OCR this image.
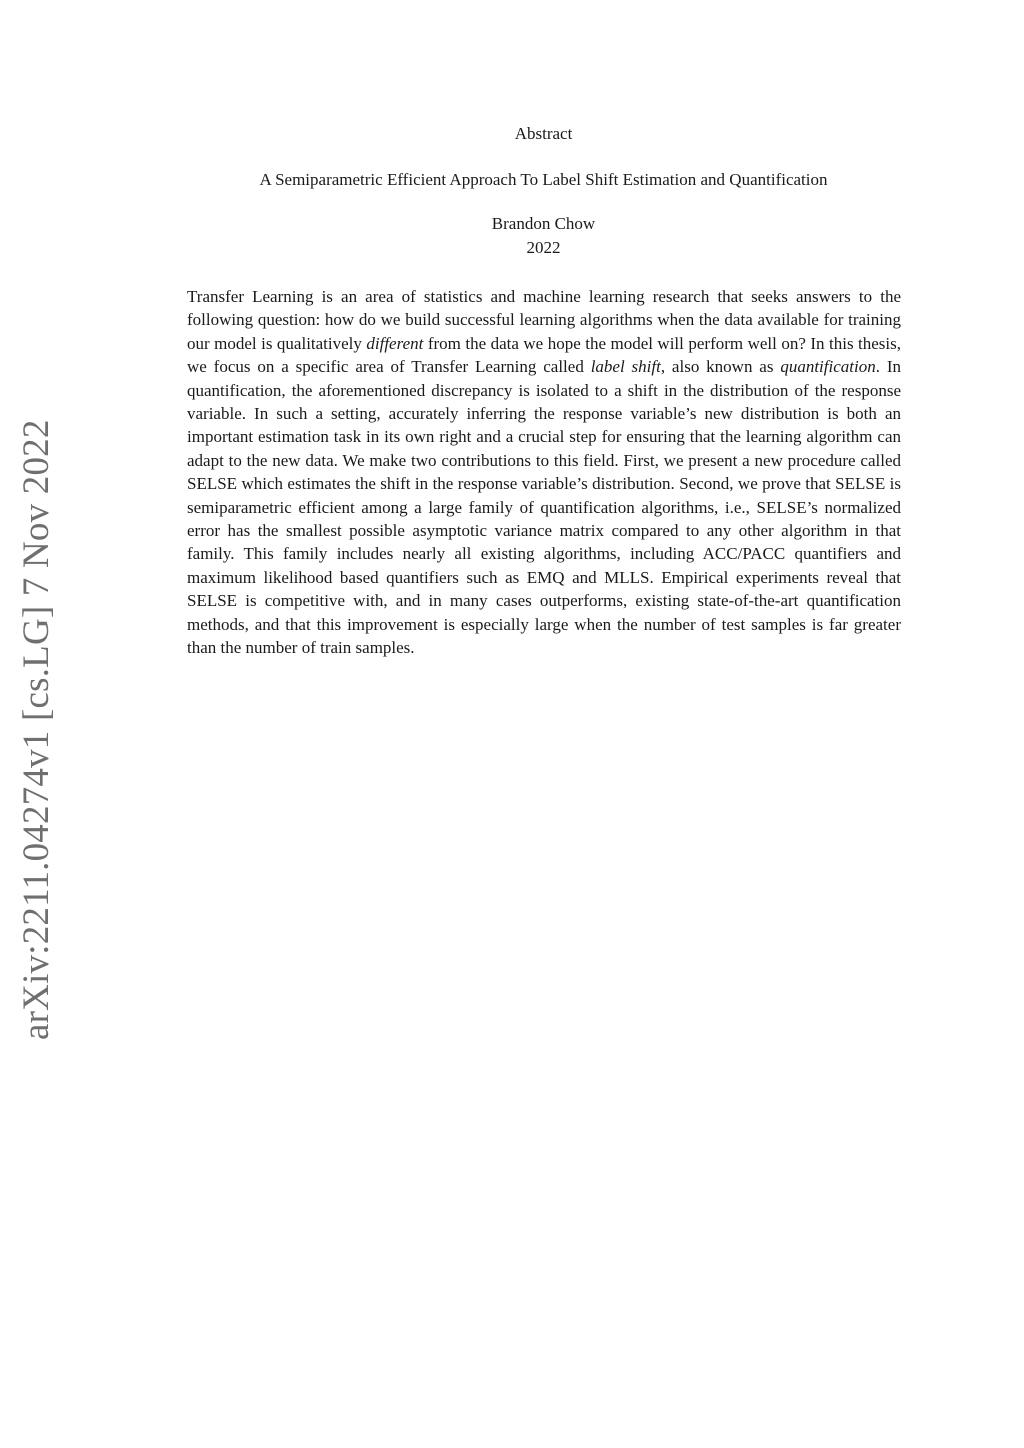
arXiv:2211.04274v1 [cs.LG] 7 Nov 2022
Abstract
A Semiparametric Efficient Approach To Label Shift Estimation and Quantification
Brandon Chow
2022

Transfer Learning is an area of statistics and machine learning research that seeks answers to the following question: how do we build successful learning algorithms when the data available for training our model is qualitatively different from the data we hope the model will perform well on? In this thesis, we focus on a specific area of Transfer Learning called label shift, also known as quantification. In quantification, the aforementioned discrepancy is isolated to a shift in the distribution of the response variable. In such a setting, accurately inferring the response variable’s new distribution is both an important estimation task in its own right and a crucial step for ensuring that the learning algorithm can adapt to the new data. We make two contributions to this field. First, we present a new procedure called SELSE which estimates the shift in the response variable’s distribution. Second, we prove that SELSE is semiparametric efficient among a large family of quantification algorithms, i.e., SELSE’s normalized error has the smallest possible asymptotic variance matrix compared to any other algorithm in that family. This family includes nearly all existing algorithms, including ACC/PACC quantifiers and maximum likelihood based quantifiers such as EMQ and MLLS. Empirical experiments reveal that SELSE is competitive with, and in many cases outperforms, existing state-of-the-art quantification methods, and that this improvement is especially large when the number of test samples is far greater than the number of train samples.
